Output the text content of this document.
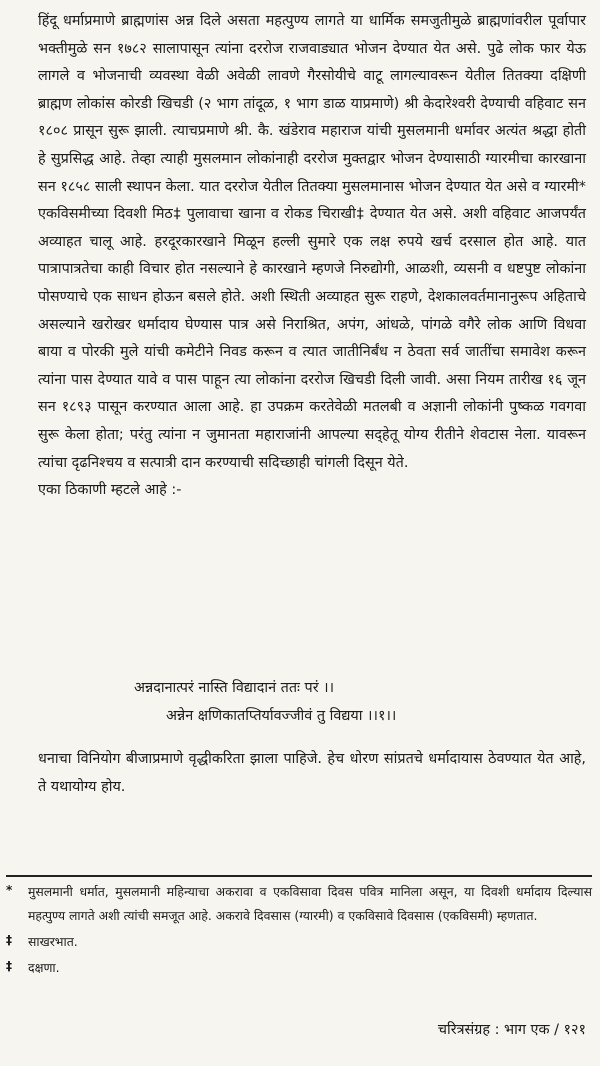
हिंदू धर्माप्रमाणे ब्राह्मणांस अन्न दिले असता महत्पुण्य लागते या धार्मिक समजुतीमुळे ब्राह्मणांवरील पूर्वापार भक्तीमुळे सन १७८२ सालापासून त्यांना दररोज राजवाड्यात भोजन देण्यात येत असे. पुढे लोक फार येऊ लागले व भोजनाची व्यवस्था वेळी अवेळी लावणे गैरसोयीचे वाटू लागल्यावरून येतील तितक्या दक्षिणी ब्राह्मण लोकांस कोरडी खिचडी (२ भाग तांदूळ, १ भाग डाळ याप्रमाणे) श्री केदारेश्वरी देण्याची वहिवाट सन १८०८ प्रासून सुरू झाली. त्याचप्रमाणे श्री. कै. खंडेराव महाराज यांची मुसलमानी धर्मावर अत्यंत श्रद्धा होती हे सुप्रसिद्ध आहे. तेव्हा त्याही मुसलमान लोकांनाही दररोज मुक्तद्वार भोजन देण्यासाठी ग्यारमीचा कारखाना सन १८५८ साली स्थापन केला. यात दररोज येतील तितक्या मुसलमानास भोजन देण्यात येत असे व ग्यारमी* एकविसमीच्या दिवशी मिठ‡ पुलावाचा खाना व रोकड चिराखी‡ देण्यात येत असे. अशी वहिवाट आजपर्यंत अव्याहत चालू आहे. हरदूरकारखाने मिळून हल्ली सुमारे एक लक्ष रुपये खर्च दरसाल होत आहे. यात पात्रापात्रतेचा काही विचार होत नसल्याने हे कारखाने म्हणजे निरुद्योगी, आळशी, व्यसनी व धष्टपुष्ट लोकांना पोसण्याचे एक साधन होऊन बसले होते. अशी स्थिती अव्याहत सुरू राहणे, देशकालवर्तमानानुरूप अहिताचे असल्याने खरोखर धर्मादाय घेण्यास पात्र असे निराश्रित, अपंग, आंधळे, पांगळे वगैरे लोक आणि विधवा बाया व पोरकी मुले यांची कमेटीने निवड करून व त्यात जातीनिर्बंध न ठेवता सर्व जातींचा समावेश करून त्यांना पास देण्यात यावे व पास पाहून त्या लोकांना दररोज खिचडी दिली जावी. असा नियम तारीख १६ जून सन १८९३ पासून करण्यात आला आहे. हा उपक्रम करतेवेळी मतलबी व अज्ञानी लोकांनी पुष्कळ गवगवा सुरू केला होता; परंतु त्यांना न जुमानता महाराजांनी आपल्या सद्हेतू योग्य रीतीने शेवटास नेला. यावरून त्यांचा दृढनिश्चय व सत्पात्री दान करण्याची सदिच्छाही चांगली दिसून येते.

एका ठिकाणी म्हटले आहे :-

अन्नदानात्परं नास्ति विद्यादानं ततः परं ।।
अन्नेन क्षणिकातप्तिर्यावज्जीवं तु विद्यया ।।१।।

धनाचा विनियोग बीजाप्रमाणे वृद्धीकरिता झाला पाहिजे. हेच धोरण सांप्रतचे धर्मादायास ठेवण्यात येत आहे, ते यथायोग्य होय.

* मुसलमानी धर्मात, मुसलमानी महिन्याचा अकरावा व एकविसावा दिवस पवित्र मानिला असून, या दिवशी धर्मादाय दिल्यास महत्पुण्य लागते अशी त्यांची समजूत आहे. अकरावे दिवसास (ग्यारमी) व एकविसावे दिवसास (एकविसमी) म्हणतात.
‡ साखरभात.
‡ दक्षणा.
चरित्रसंग्रह : भाग एक / १२१
